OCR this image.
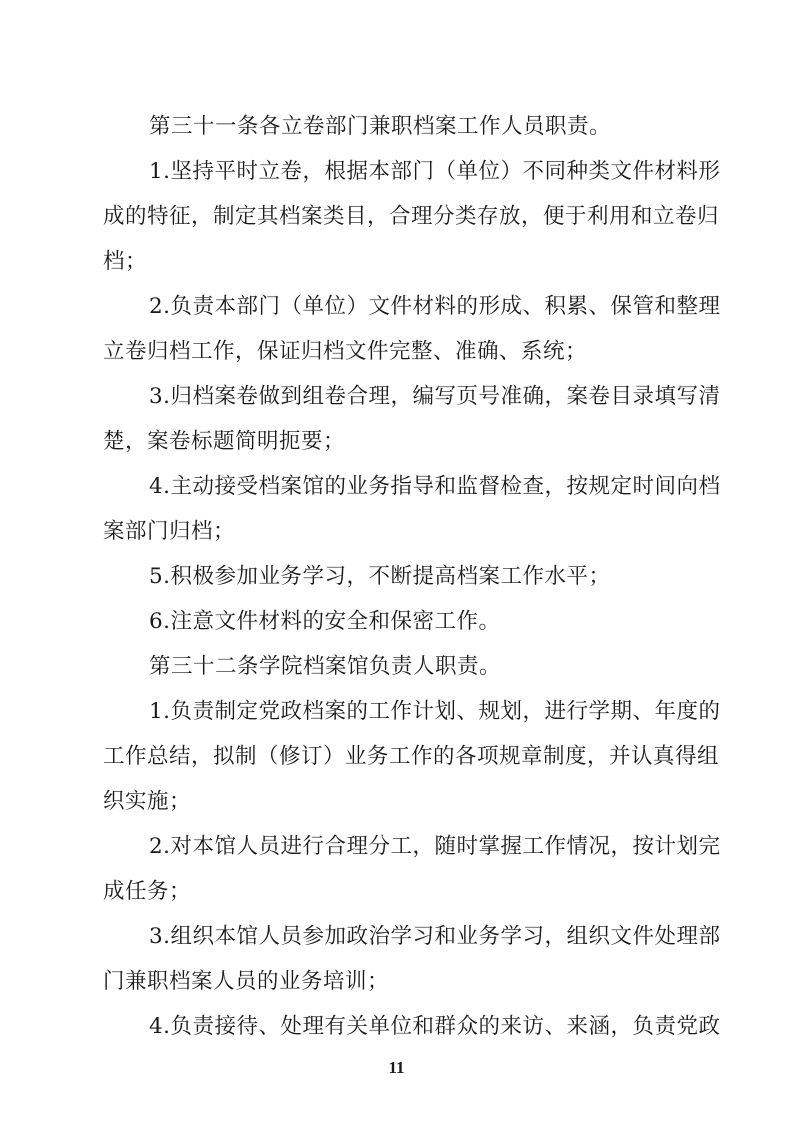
第三十一条
各立卷部门兼职档案工作人员职责。
1.坚持平时立卷，根据本部门（单位）不同种类文件材料形
成的特征，制定其档案类目，合理分类存放，便于利用和立卷归
档；
2.负责本部门（单位）文件材料的形成、积累、保管和整理
立卷归档工作，保证归档文件完整、准确、系统；
3.归档案卷做到组卷合理，编写页号准确，案卷目录填写清
楚，案卷标题简明扼要；
4.主动接受档案馆的业务指导和监督检查，按规定时间向档
案部门归档；
5.积极参加业务学习，不断提高档案工作水平；
6.注意文件材料的安全和保密工作。
第三十二条
学院档案馆负责人职责。
1.负责制定党政档案的工作计划、规划，进行学期、年度的
工作总结，拟制（修订）业务工作的各项规章制度，并认真得组
织实施；
2.对本馆人员进行合理分工，随时掌握工作情况，按计划完
成任务；
3.组织本馆人员参加政治学习和业务学习，组织文件处理部
门兼职档案人员的业务培训；
4.负责接待、处理有关单位和群众的来访、来涵，负责党政
11
